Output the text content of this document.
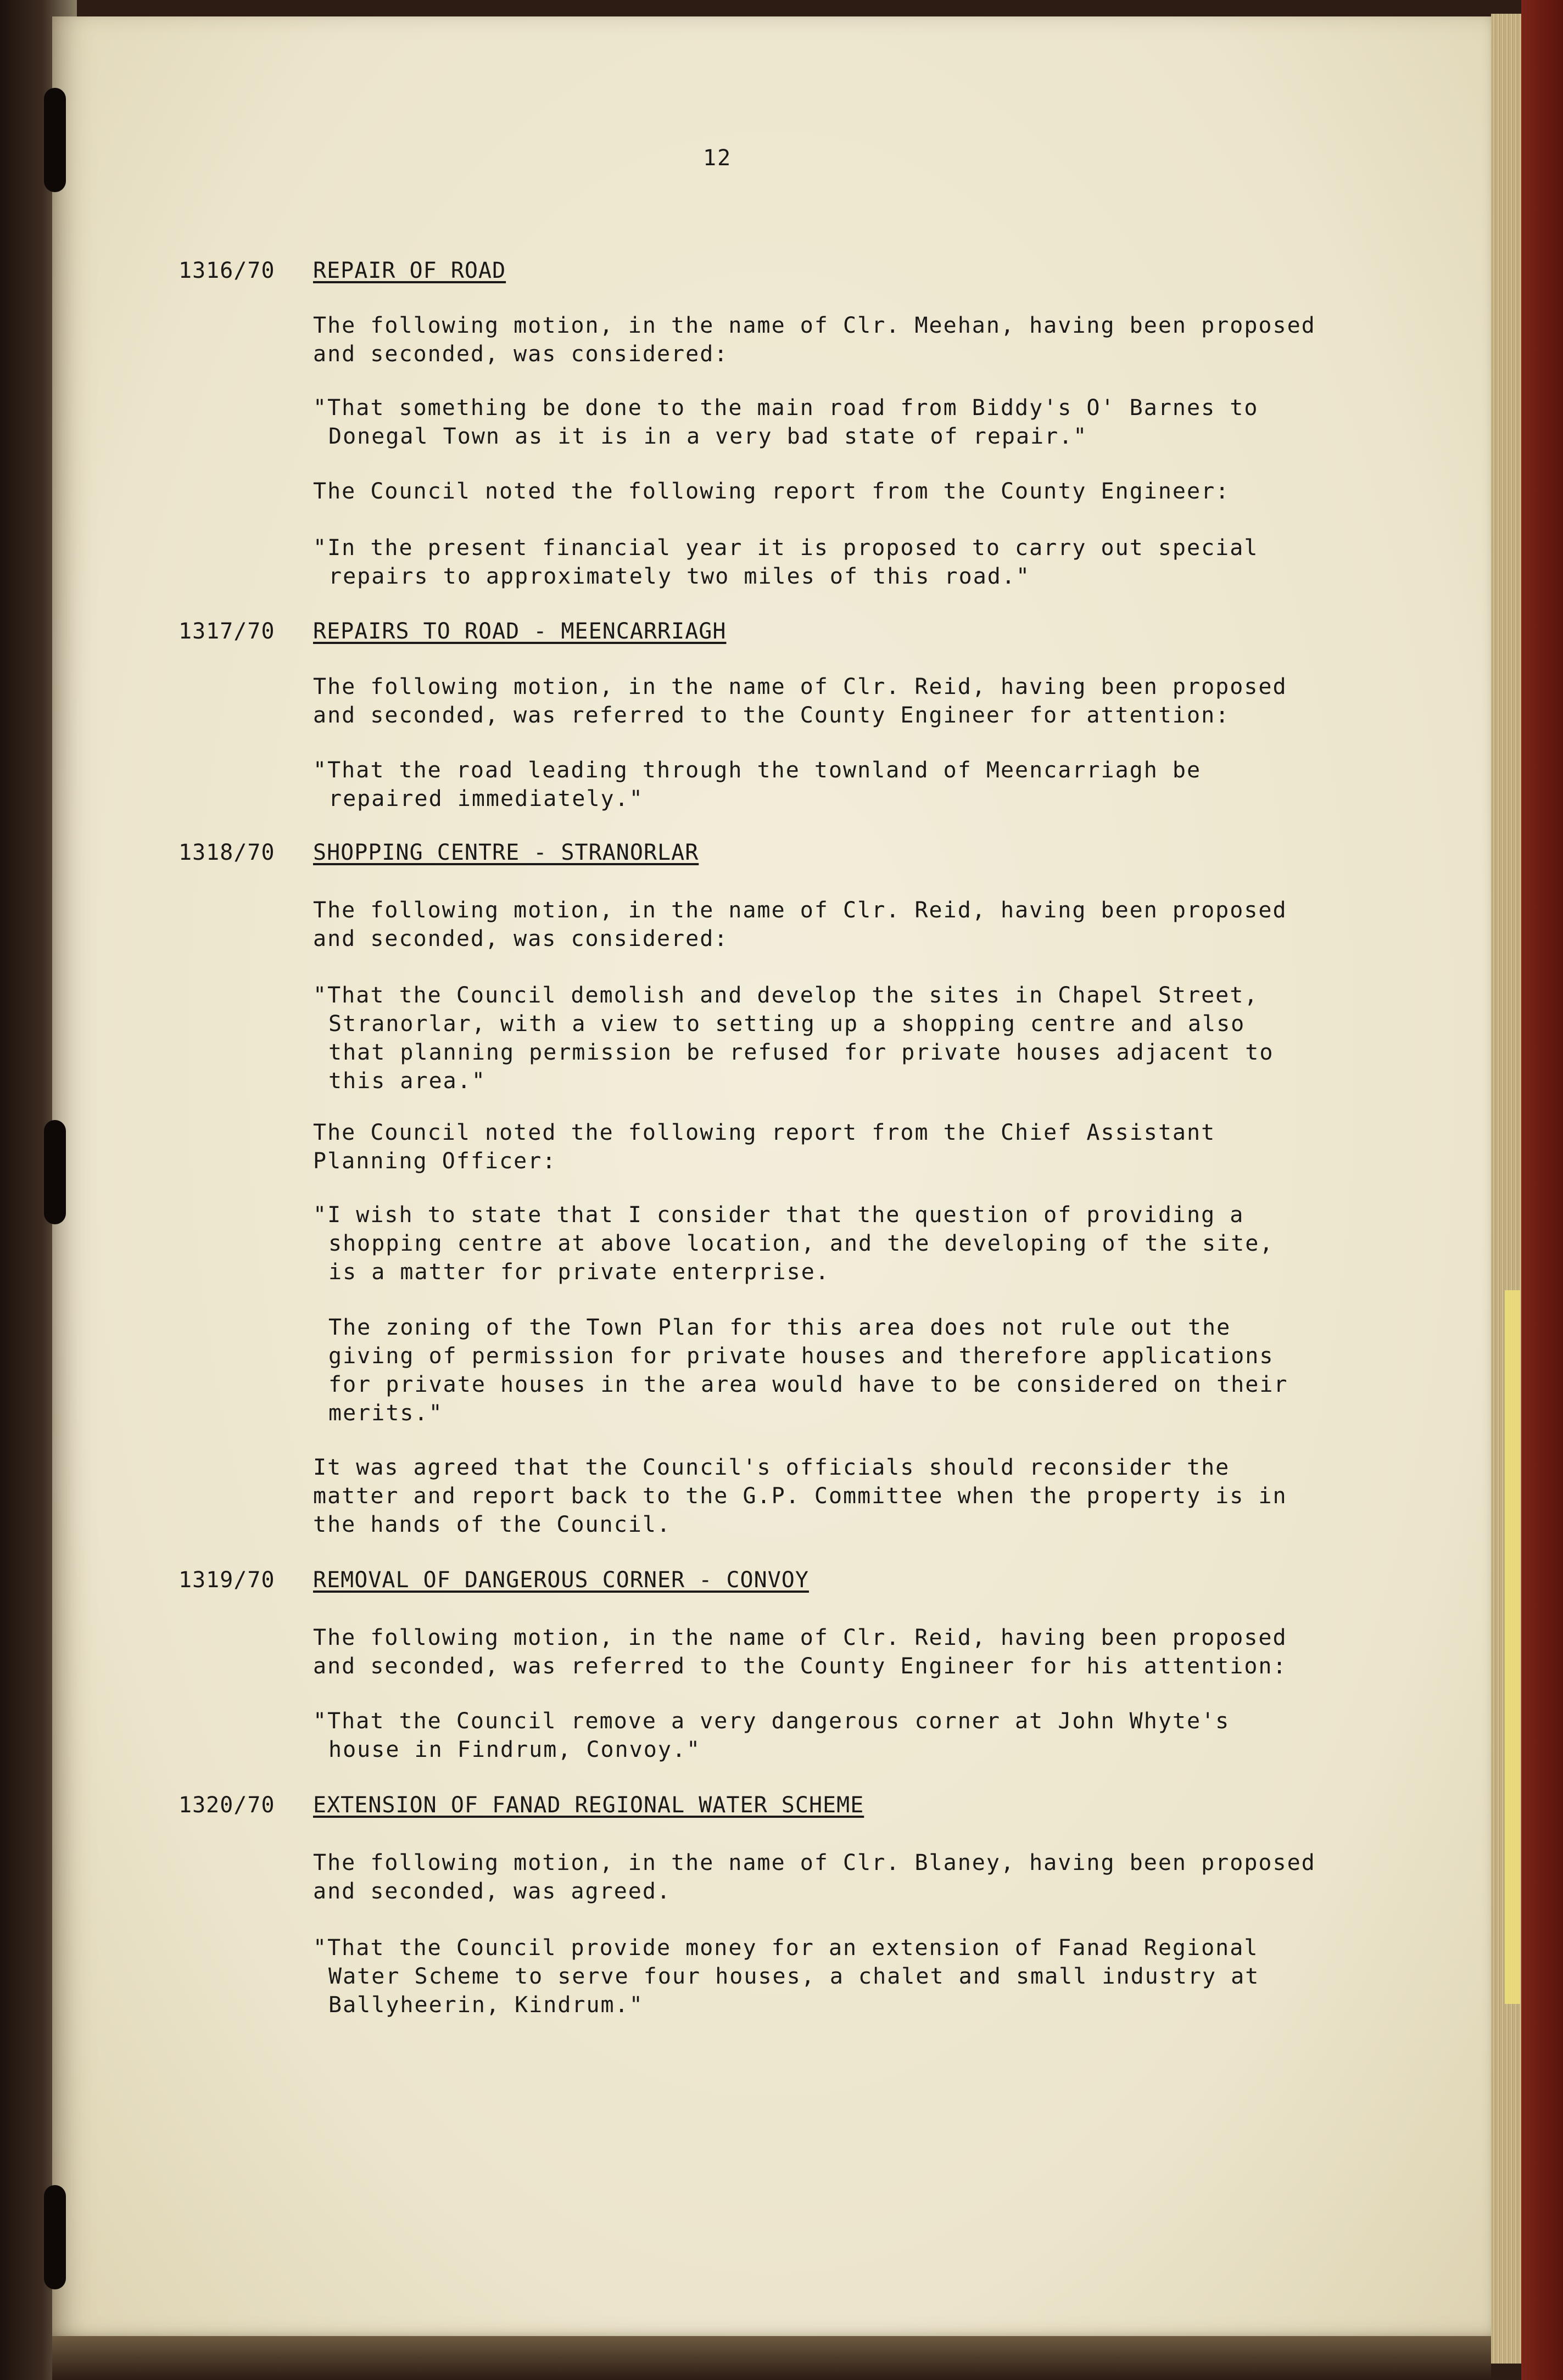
12
1316/70 REPAIR OF ROAD
The following motion, in the name of Clr. Meehan, having been proposed
and seconded, was considered:
"That something be done to the main road from Biddy's O' Barnes to
Donegal Town as it is in a very bad state of repair."
The Council noted the following report from the County Engineer:
"In the present financial year it is proposed to carry out special
repairs to approximately two miles of this road."
1317/70 REPAIRS TO ROAD - MEENCARRIAGH
The following motion, in the name of Clr. Reid, having been proposed
and seconded, was referred to the County Engineer for attention:
"That the road leading through the townland of Meencarriagh be
repaired immediately."
1318/70 SHOPPING CENTRE - STRANORLAR
The following motion, in the name of Clr. Reid, having been proposed
and seconded, was considered:
"That the Council demolish and develop the sites in Chapel Street,
Stranorlar, with a view to setting up a shopping centre and also
that planning permission be refused for private houses adjacent to
this area."
The Council noted the following report from the Chief Assistant
Planning Officer:
"I wish to state that I consider that the question of providing a
shopping centre at above location, and the developing of the site,
is a matter for private enterprise.
The zoning of the Town Plan for this area does not rule out the
giving of permission for private houses and therefore applications
for private houses in the area would have to be considered on their
merits."
It was agreed that the Council's officials should reconsider the
matter and report back to the G.P. Committee when the property is in
the hands of the Council.
1319/70 REMOVAL OF DANGEROUS CORNER - CONVOY
The following motion, in the name of Clr. Reid, having been proposed
and seconded, was referred to the County Engineer for his attention:
"That the Council remove a very dangerous corner at John Whyte's
house in Findrum, Convoy."
1320/70 EXTENSION OF FANAD REGIONAL WATER SCHEME
The following motion, in the name of Clr. Blaney, having been proposed
and seconded, was agreed.
"That the Council provide money for an extension of Fanad Regional
Water Scheme to serve four houses, a chalet and small industry at
Ballyheerin, Kindrum."
